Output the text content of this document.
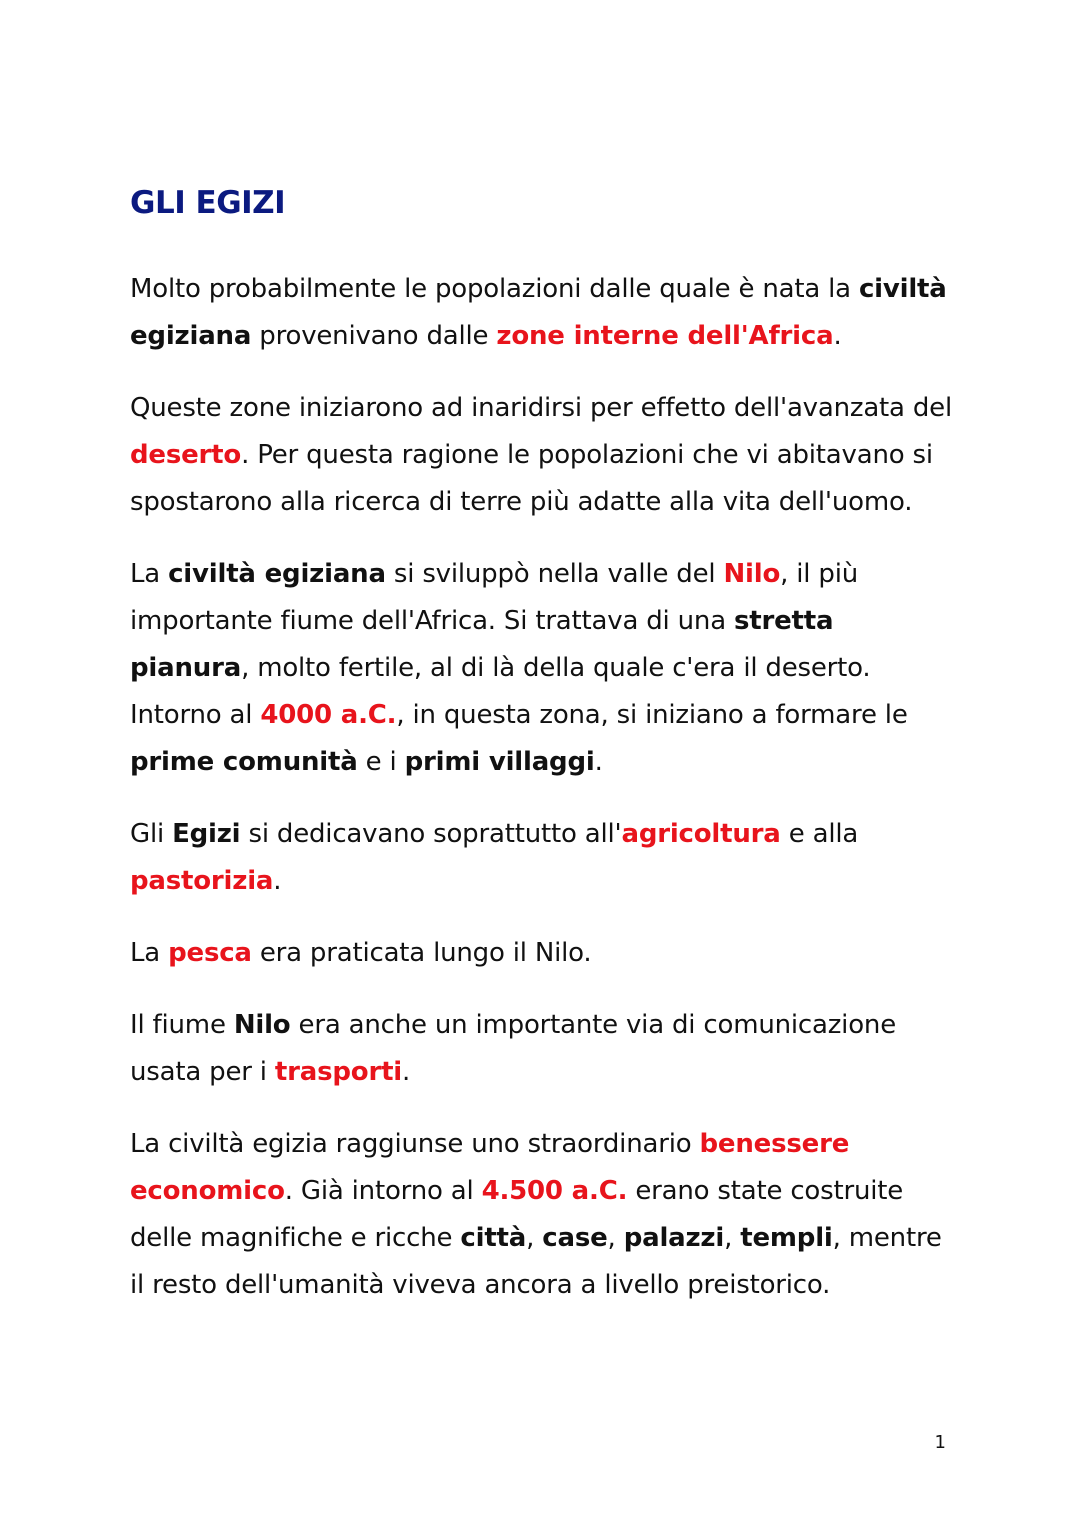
GLI EGIZI

Molto probabilmente le popolazioni dalle quale è nata la civiltà egiziana provenivano dalle zone interne dell'Africa.

Queste zone iniziarono ad inaridirsi per effetto dell'avanzata del deserto. Per questa ragione le popolazioni che vi abitavano si spostarono alla ricerca di terre più adatte alla vita dell'uomo.

La civiltà egiziana si sviluppò nella valle del Nilo, il più importante fiume dell'Africa. Si trattava di una stretta pianura, molto fertile, al di là della quale c'era il deserto. Intorno al 4000 a.C., in questa zona, si iniziano a formare le prime comunità e i primi villaggi.

Gli Egizi si dedicavano soprattutto all'agricoltura e alla pastorizia.

La pesca era praticata lungo il Nilo.

Il fiume Nilo era anche un importante via di comunicazione usata per i trasporti.

La civiltà egizia raggiunse uno straordinario benessere economico. Già intorno al 4.500 a.C. erano state costruite delle magnifiche e ricche città, case, palazzi, templi, mentre il resto dell'umanità viveva ancora a livello preistorico.

1
